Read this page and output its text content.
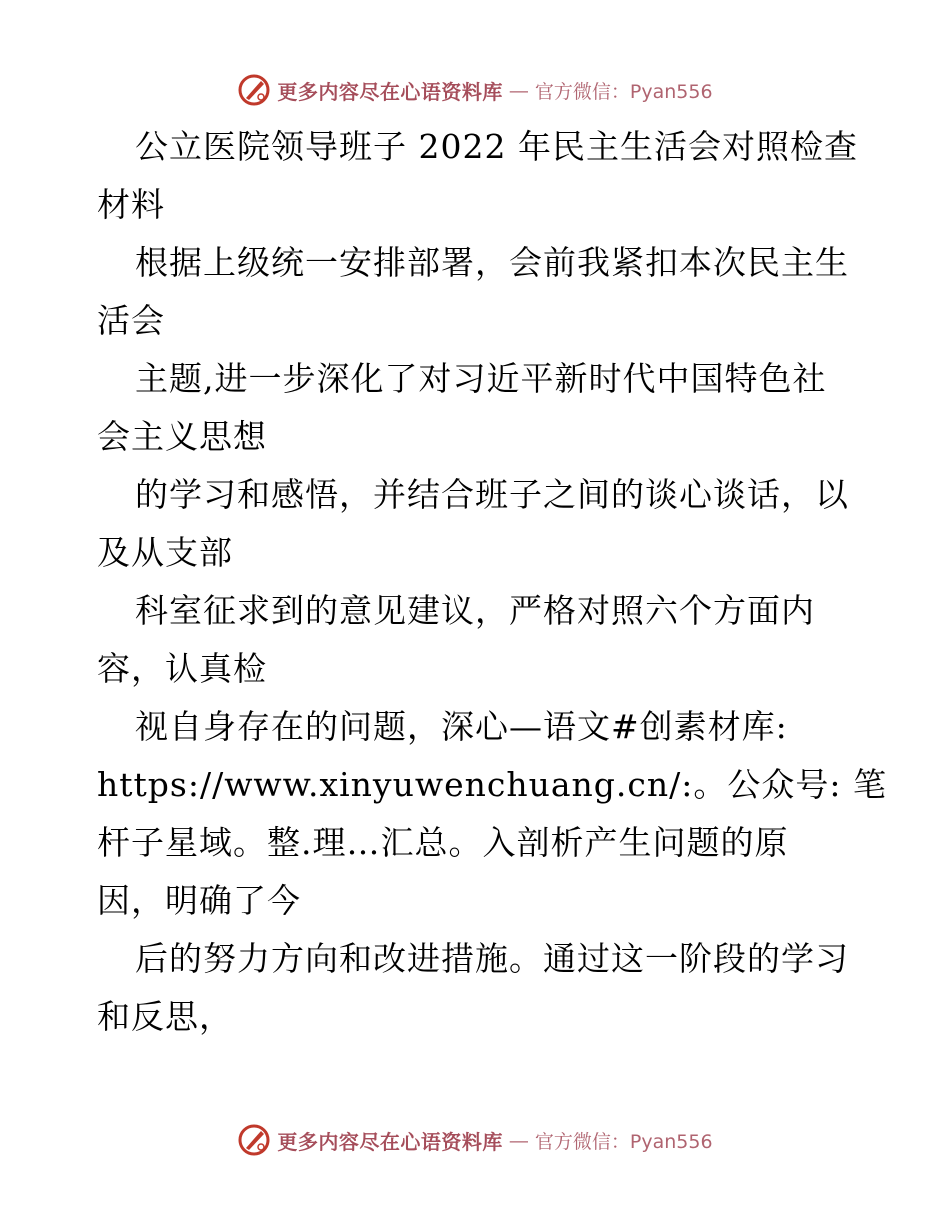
更多内容尽在心语资料库 — 官方微信：Pyan556
公立医院领导班子 2022 年民主生活会对照检查
材料
根据上级统一安排部署，会前我紧扣本次民主生
活会
主题,进一步深化了对习近平新时代中国特色社
会主义思想
的学习和感悟，并结合班子之间的谈心谈话，以
及从支部
科室征求到的意见建议，严格对照六个方面内
容，认真检
视自身存在的问题，深心—语文#创素材库:
https://www.xinyuwenchuang.cn/:。公众号: 笔
杆子星域。整.理…汇总。入剖析产生问题的原
因，明确了今
后的努力方向和改进措施。通过这一阶段的学习
和反思，
更多内容尽在心语资料库 — 官方微信：Pyan556
